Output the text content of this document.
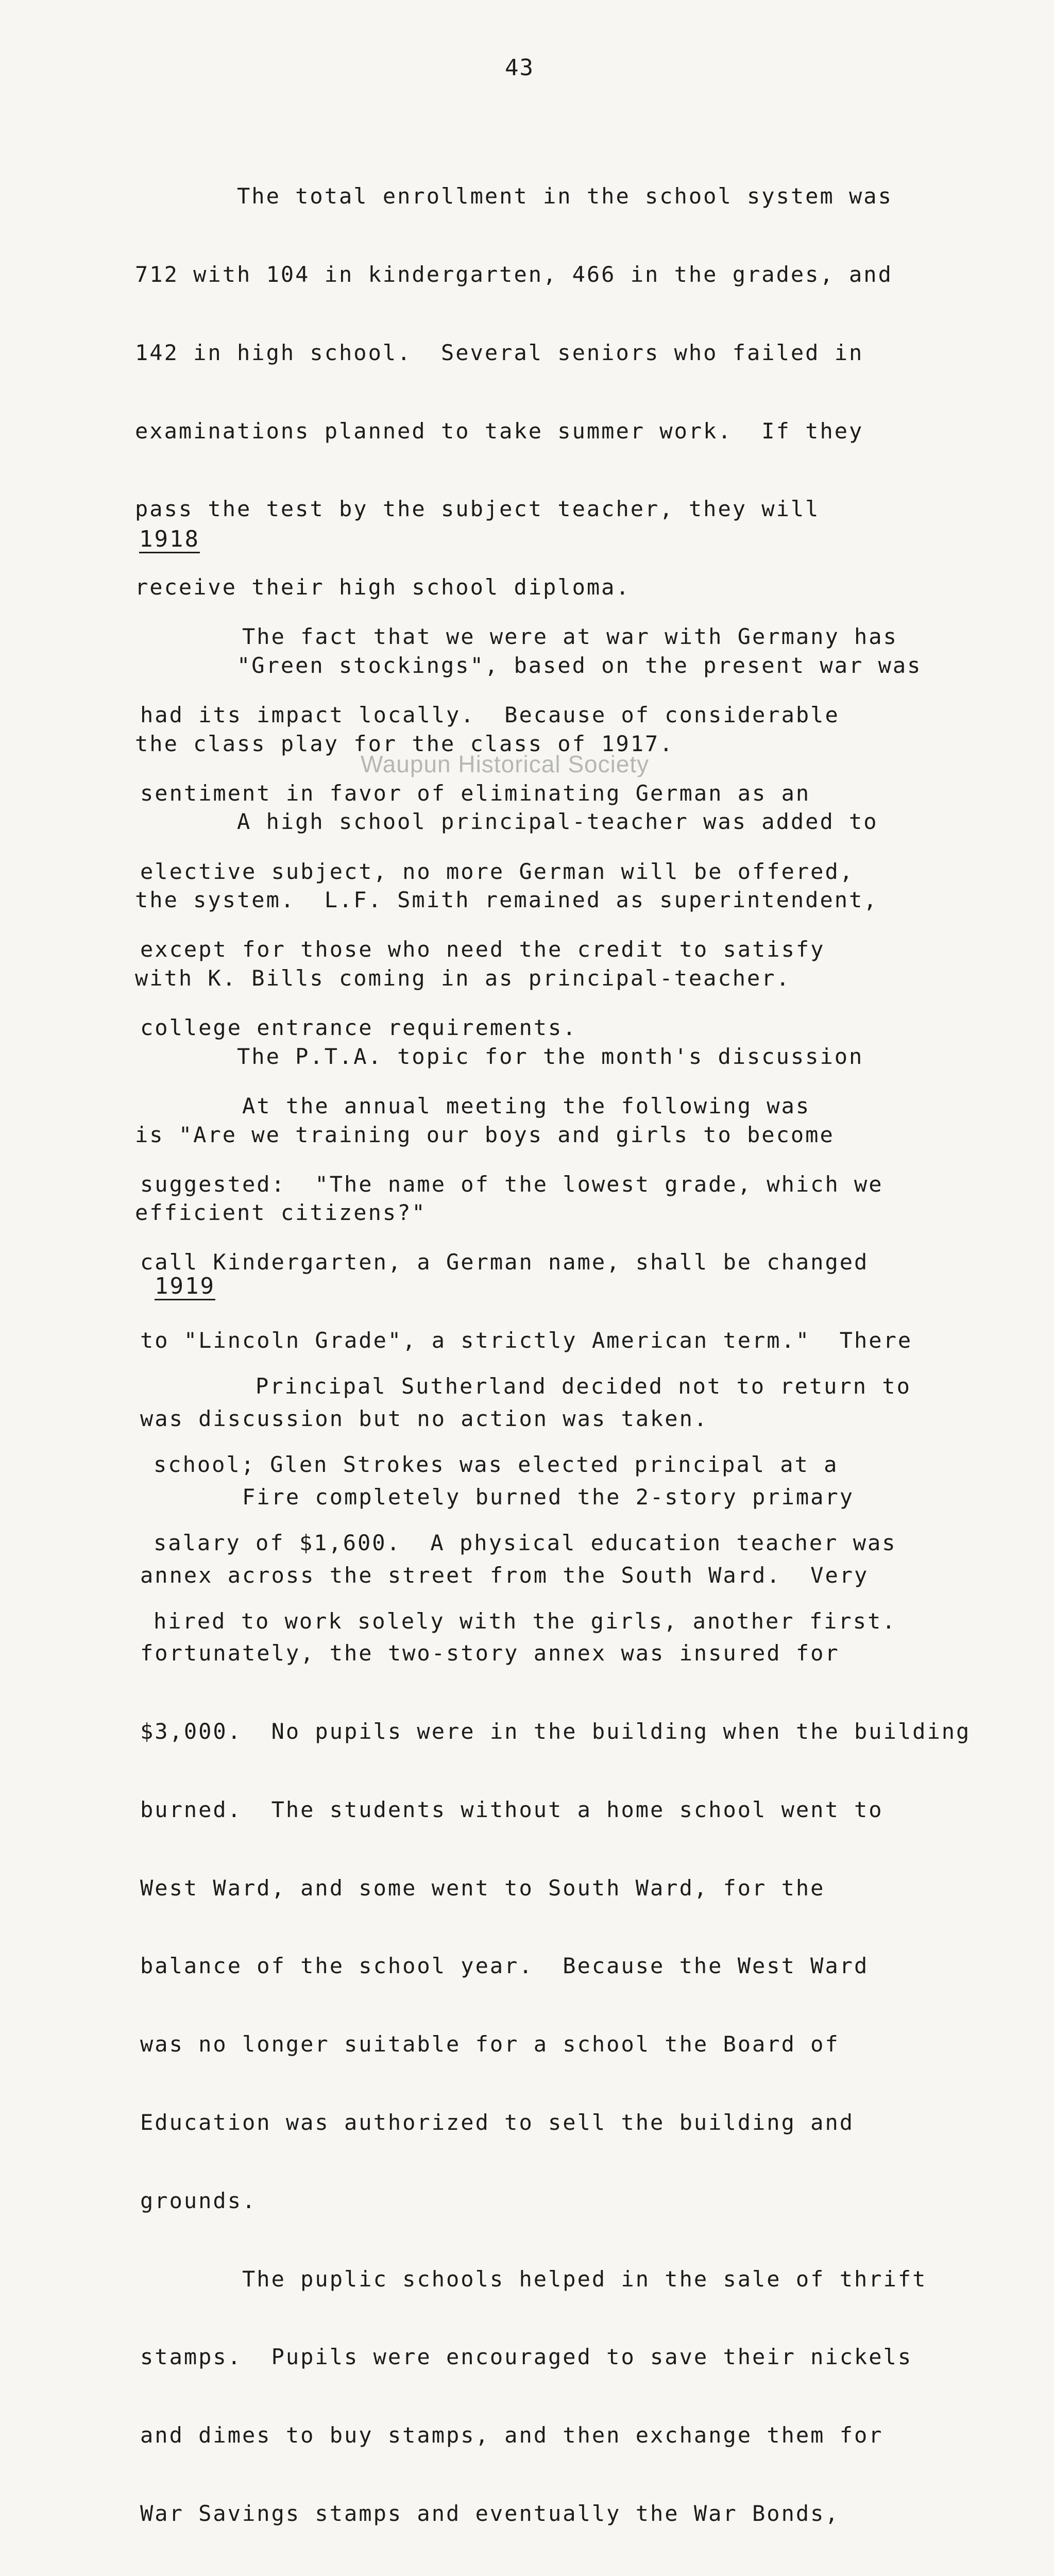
43

The total enrollment in the school system was

712 with 104 in kindergarten, 466 in the grades, and

142 in high school.  Several seniors who failed in

examinations planned to take summer work.  If they

pass the test by the subject teacher, they will

receive their high school diploma.

"Green stockings", based on the present war was

the class play for the class of 1917.

A high school principal-teacher was added to

the system.  L.F. Smith remained as superintendent,

with K. Bills coming in as principal-teacher.

The P.T.A. topic for the month's discussion

is "Are we training our boys and girls to become

efficient citizens?"

1918

The fact that we were at war with Germany has

had its impact locally.  Because of considerable

sentiment in favor of eliminating German as an

elective subject, no more German will be offered,

except for those who need the credit to satisfy

college entrance requirements.

At the annual meeting the following was

suggested:  "The name of the lowest grade, which we

call Kindergarten, a German name, shall be changed

to "Lincoln Grade", a strictly American term."  There

was discussion but no action was taken.

Fire completely burned the 2-story primary

annex across the street from the South Ward.  Very

fortunately, the two-story annex was insured for

$3,000.  No pupils were in the building when the building

burned.  The students without a home school went to

West Ward, and some went to South Ward, for the

balance of the school year.  Because the West Ward

was no longer suitable for a school the Board of

Education was authorized to sell the building and

grounds.

The puplic schools helped in the sale of thrift

stamps.  Pupils were encouraged to save their nickels

and dimes to buy stamps, and then exchange them for

War Savings stamps and eventually the War Bonds,

1919

Principal Sutherland decided not to return to

school; Glen Strokes was elected principal at a

salary of $1,600.  A physical education teacher was

hired to work solely with the girls, another first.

Waupun Historical Society
